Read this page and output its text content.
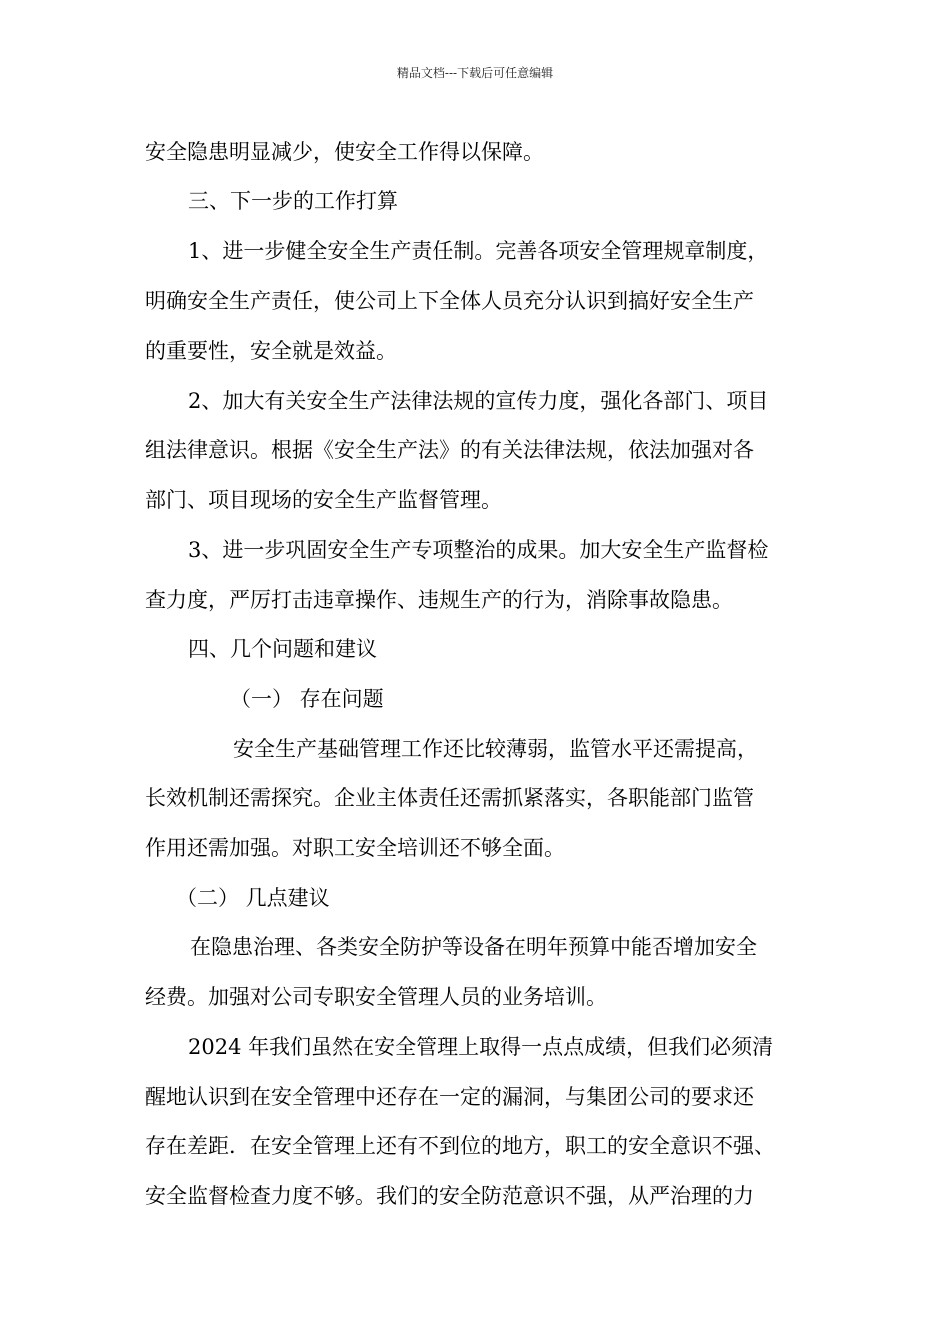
精品文档---下载后可任意编辑
安全隐患明显减少，使安全工作得以保障。
三、下一步的工作打算
1、进一步健全安全生产责任制。完善各项安全管理规章制度，
明确安全生产责任，使公司上下全体人员充分认识到搞好安全生产
的重要性，安全就是效益。
2、加大有关安全生产法律法规的宣传力度，强化各部门、项目
组法律意识。根据《安全生产法》的有关法律法规，依法加强对各
部门、项目现场的安全生产监督管理。
3、进一步巩固安全生产专项整治的成果。加大安全生产监督检
查力度，严厉打击违章操作、违规生产的行为，消除事故隐患。
四、几个问题和建议
（一） 存在问题
安全生产基础管理工作还比较薄弱，监管水平还需提高，
长效机制还需探究。企业主体责任还需抓紧落实，各职能部门监管
作用还需加强。对职工安全培训还不够全面。
（二） 几点建议
在隐患治理、各类安全防护等设备在明年预算中能否增加安全
经费。加强对公司专职安全管理人员的业务培训。
2024 年我们虽然在安全管理上取得一点点成绩，但我们必须清
醒地认识到在安全管理中还存在一定的漏洞，与集团公司的要求还
存在差距．在安全管理上还有不到位的地方，职工的安全意识不强、
安全监督检查力度不够。我们的安全防范意识不强，从严治理的力
